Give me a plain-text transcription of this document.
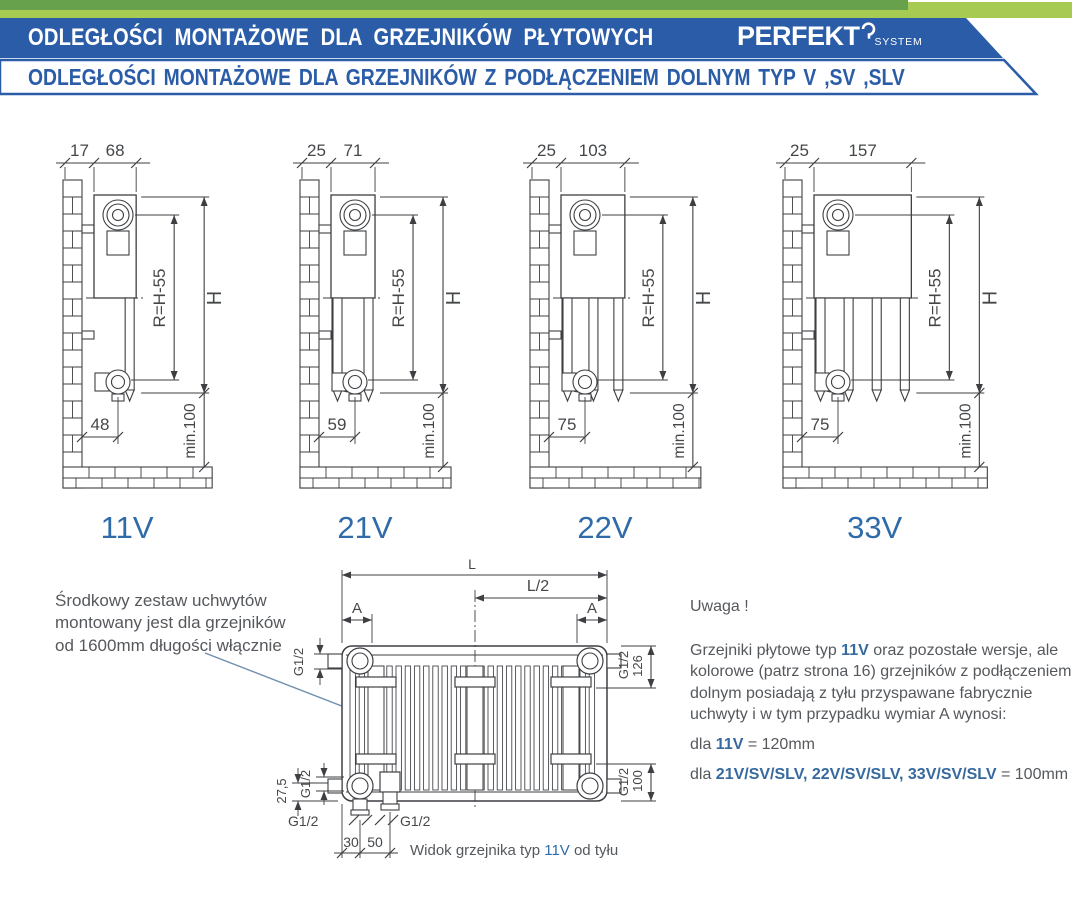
ODLEGŁOŚCI MONTAŻOWE DLA GRZEJNIKÓW PŁYTOWYCH	PERFEKT SYSTEM
ODLEGŁOŚCI MONTAŻOWE DLA GRZEJNIKÓW Z PODŁĄCZENIEM DOLNYM TYP V ,SV ,SLV
17 68
R=H-55 H
min.100
48
11V
25 71
R=H-55 H
min.100
59
21V
25 103
R=H-55 H
min.100
75
22V
25 157
R=H-55 H
min.100
75
33V
Środkowy zestaw uchwytów montowany jest dla grzejników od 1600mm długości włącznie
L
L/2
A	A
G1/2	G1/2 126
G1/2 100
27,5 G1/2
G1/2	G1/2
30 50 Widok grzejnika typ 11V od tyłu
Uwaga !

Grzejniki płytowe typ 11V oraz pozostałe wersje, ale kolorowe (patrz strona 16) grzejników z podłączeniem dolnym posiadają z tyłu przyspawane fabrycznie uchwyty i w tym przypadku wymiar A wynosi:

dla 11V = 120mm

dla 21V/SV/SLV, 22V/SV/SLV, 33V/SV/SLV = 100mm
